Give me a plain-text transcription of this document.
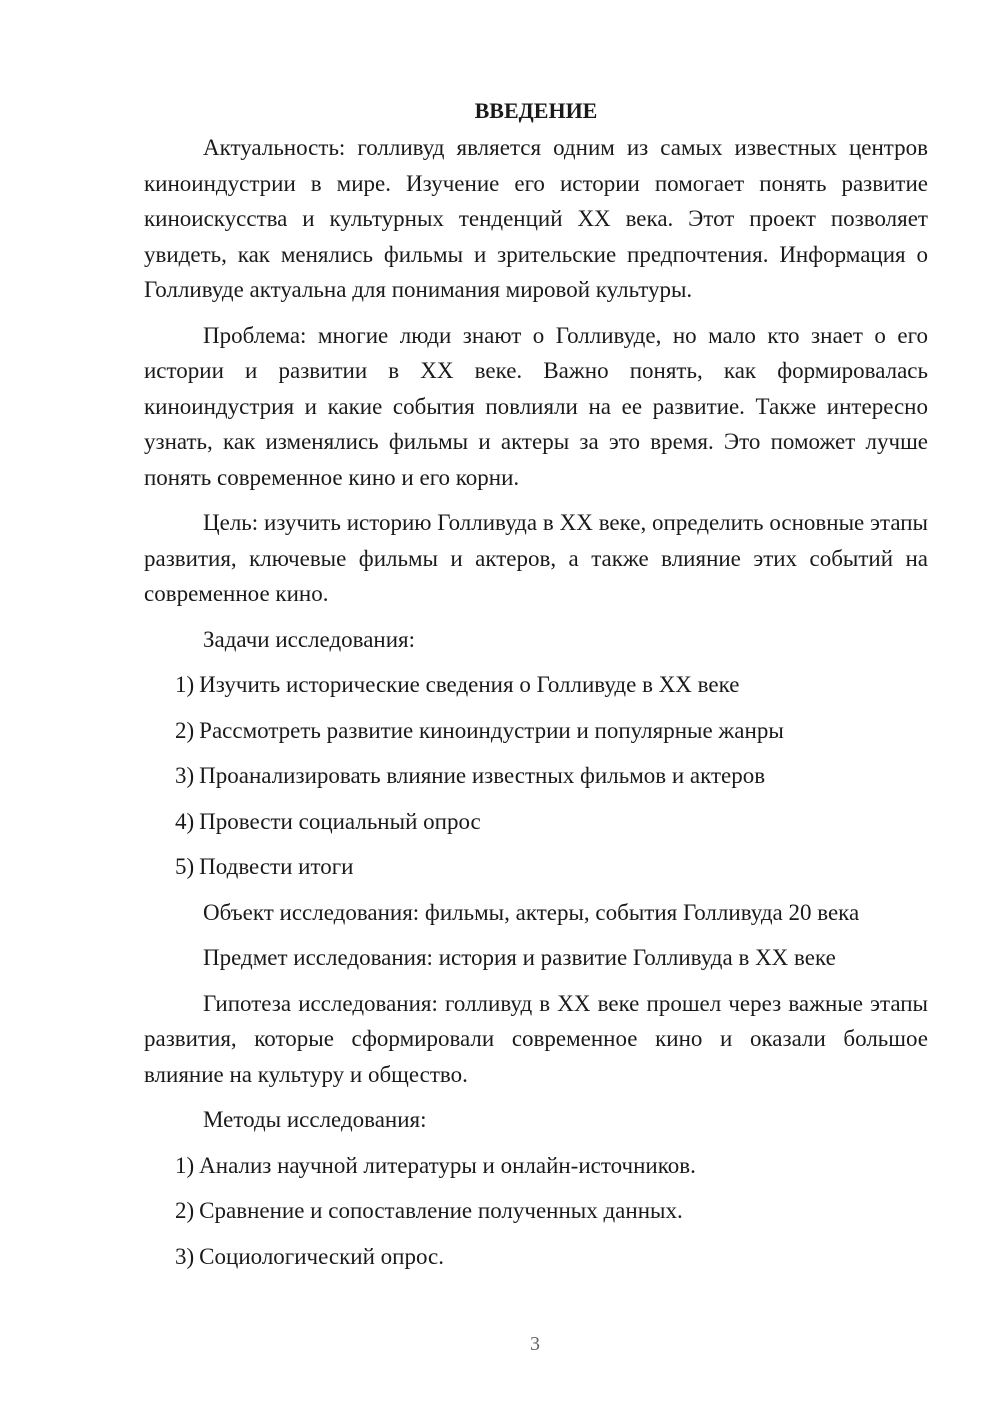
ВВЕДЕНИЕ

Актуальность: голливуд является одним из самых известных центров киноиндустрии в мире. Изучение его истории помогает понять развитие киноискусства и культурных тенденций XX века. Этот проект позволяет увидеть, как менялись фильмы и зрительские предпочтения. Информация о Голливуде актуальна для понимания мировой культуры.

Проблема: многие люди знают о Голливуде, но мало кто знает о его истории и развитии в XX веке. Важно понять, как формировалась киноиндустрия и какие события повлияли на ее развитие. Также интересно узнать, как изменялись фильмы и актеры за это время. Это поможет лучше понять современное кино и его корни.

Цель: изучить историю Голливуда в XX веке, определить основные этапы развития, ключевые фильмы и актеров, а также влияние этих событий на современное кино.

Задачи исследования:

1) Изучить исторические сведения о Голливуде в XX веке
2) Рассмотреть развитие киноиндустрии и популярные жанры
3) Проанализировать влияние известных фильмов и актеров
4) Провести социальный опрос
5) Подвести итоги

Объект исследования: фильмы, актеры, события Голливуда 20 века

Предмет исследования: история и развитие Голливуда в XX веке

Гипотеза исследования: голливуд в XX веке прошел через важные этапы развития, которые сформировали современное кино и оказали большое влияние на культуру и общество.

Методы исследования:

1) Анализ научной литературы и онлайн-источников.
2) Сравнение и сопоставление полученных данных.
3) Социологический опрос.
3
